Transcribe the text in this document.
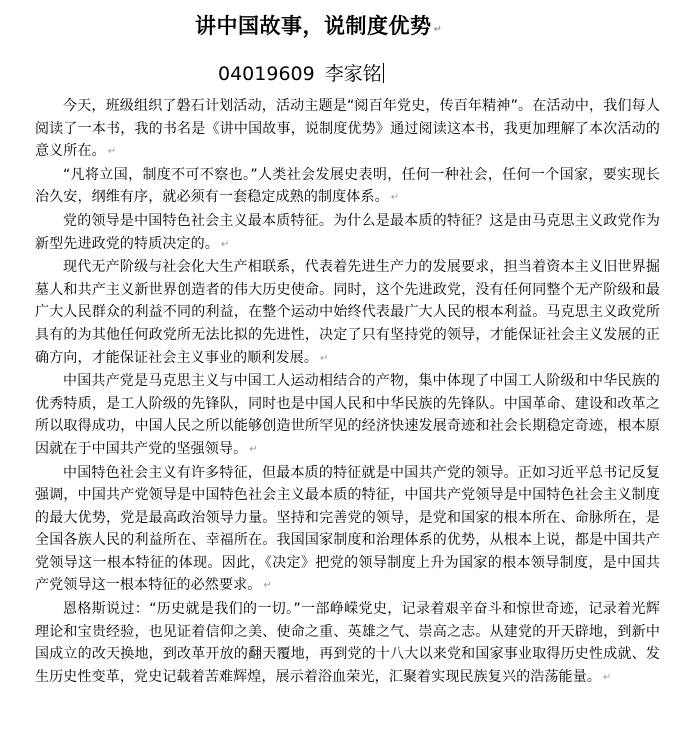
讲中国故事，说制度优势 ↵
04019609 李家铭

今天，班级组织了磐石计划活动，活动主题是“阅百年党史，传百年精神”。在活动中，我们每人阅读了一本书，我的书名是《讲中国故事，说制度优势》通过阅读这本书，我更加理解了本次活动的意义所在。 ↵

“凡将立国，制度不可不察也。”人类社会发展史表明，任何一种社会，任何一个国家，要实现长治久安，纲维有序，就必须有一套稳定成熟的制度体系。 ↵

党的领导是中国特色社会主义最本质特征。为什么是最本质的特征？这是由马克思主义政党作为新型先进政党的特质决定的。 ↵

现代无产阶级与社会化大生产相联系，代表着先进生产力的发展要求，担当着资本主义旧世界掘墓人和共产主义新世界创造者的伟大历史使命。同时，这个先进政党，没有任何同整个无产阶级和最广大人民群众的利益不同的利益，在整个运动中始终代表最广大人民的根本利益。马克思主义政党所具有的为其他任何政党所无法比拟的先进性，决定了只有坚持党的领导，才能保证社会主义发展的正确方向，才能保证社会主义事业的顺利发展。 ↵

中国共产党是马克思主义与中国工人运动相结合的产物，集中体现了中国工人阶级和中华民族的优秀特质，是工人阶级的先锋队，同时也是中国人民和中华民族的先锋队。中国革命、建设和改革之所以取得成功，中国人民之所以能够创造世所罕见的经济快速发展奇迹和社会长期稳定奇迹，根本原因就在于中国共产党的坚强领导。 ↵

中国特色社会主义有许多特征，但最本质的特征就是中国共产党的领导。正如习近平总书记反复强调，中国共产党领导是中国特色社会主义最本质的特征，中国共产党领导是中国特色社会主义制度的最大优势，党是最高政治领导力量。坚持和完善党的领导，是党和国家的根本所在、命脉所在，是全国各族人民的利益所在、幸福所在。我国国家制度和治理体系的优势，从根本上说，都是中国共产党领导这一根本特征的体现。因此，《决定》把党的领导制度上升为国家的根本领导制度，是中国共产党领导这一根本特征的必然要求。 ↵

恩格斯说过：“历史就是我们的一切。”一部峥嵘党史，记录着艰辛奋斗和惊世奇迹，记录着光辉理论和宝贵经验，也见证着信仰之美、使命之重、英雄之气、崇高之志。从建党的开天辟地，到新中国成立的改天换地，到改革开放的翻天覆地，再到党的十八大以来党和国家事业取得历史性成就、发生历史性变革，党史记载着苦难辉煌，展示着浴血荣光，汇聚着实现民族复兴的浩荡能量。 ↵
